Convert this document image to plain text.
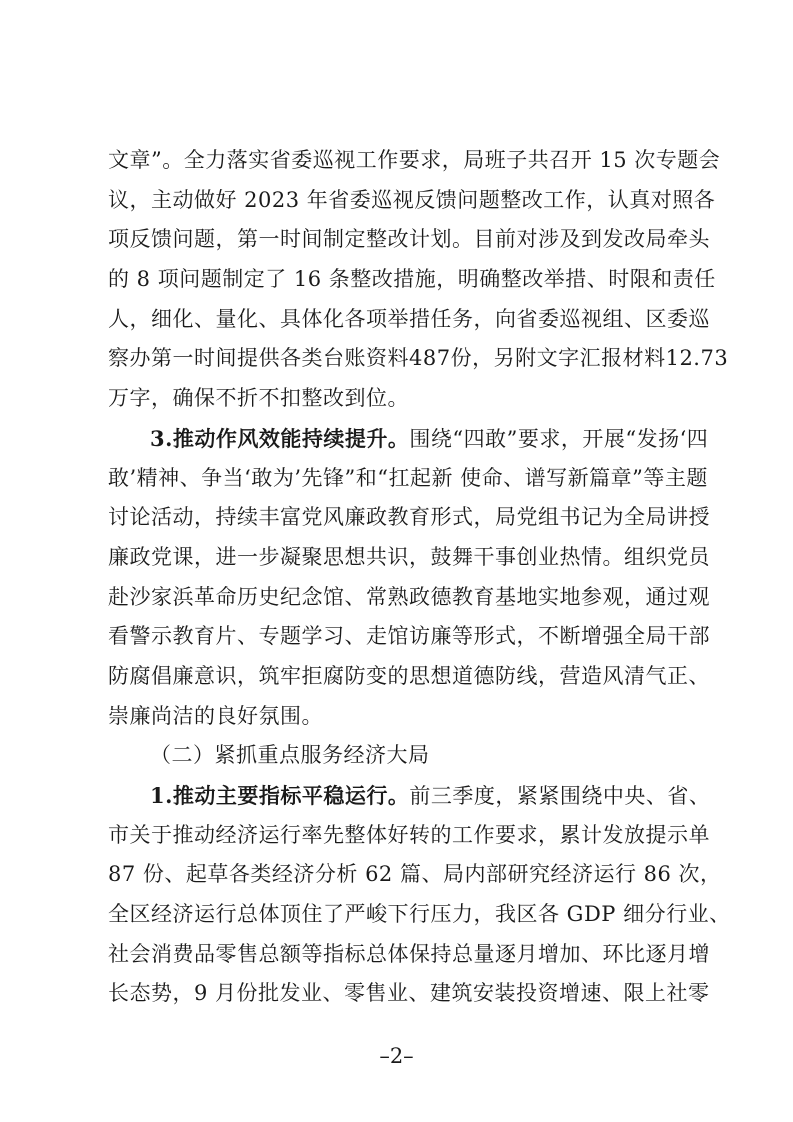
文章”。全力落实省委巡视工作要求，局班子共召开 15 次专题会
议，主动做好 2023 年省委巡视反馈问题整改工作，认真对照各
项反馈问题，第一时间制定整改计划。目前对涉及到发改局牵头
的 8 项问题制定了 16 条整改措施，明确整改举措、时限和责任
人，细化、量化、具体化各项举措任务，向省委巡视组、区委巡
察办第一时间提供各类台账资料487份，另附文字汇报材料12.73
万字，确保不折不扣整改到位。
3.推动作风效能持续提升。围绕“四敢”要求，开展“发扬‘四
敢’精神、争当‘敢为’先锋”和“扛起新 使命、谱写新篇章”等主题
讨论活动，持续丰富党风廉政教育形式，局党组书记为全局讲授
廉政党课，进一步凝聚思想共识，鼓舞干事创业热情。组织党员
赴沙家浜革命历史纪念馆、常熟政德教育基地实地参观，通过观
看警示教育片、专题学习、走馆访廉等形式，不断增强全局干部
防腐倡廉意识，筑牢拒腐防变的思想道德防线，营造风清气正、
崇廉尚洁的良好氛围。
（二）紧抓重点服务经济大局
1.推动主要指标平稳运行。前三季度，紧紧围绕中央、省、
市关于推动经济运行率先整体好转的工作要求，累计发放提示单
87 份、起草各类经济分析 62 篇、局内部研究经济运行 86 次，
全区经济运行总体顶住了严峻下行压力，我区各 GDP 细分行业、
社会消费品零售总额等指标总体保持总量逐月增加、环比逐月增
长态势，9 月份批发业、零售业、建筑安装投资增速、限上社零
–2–
